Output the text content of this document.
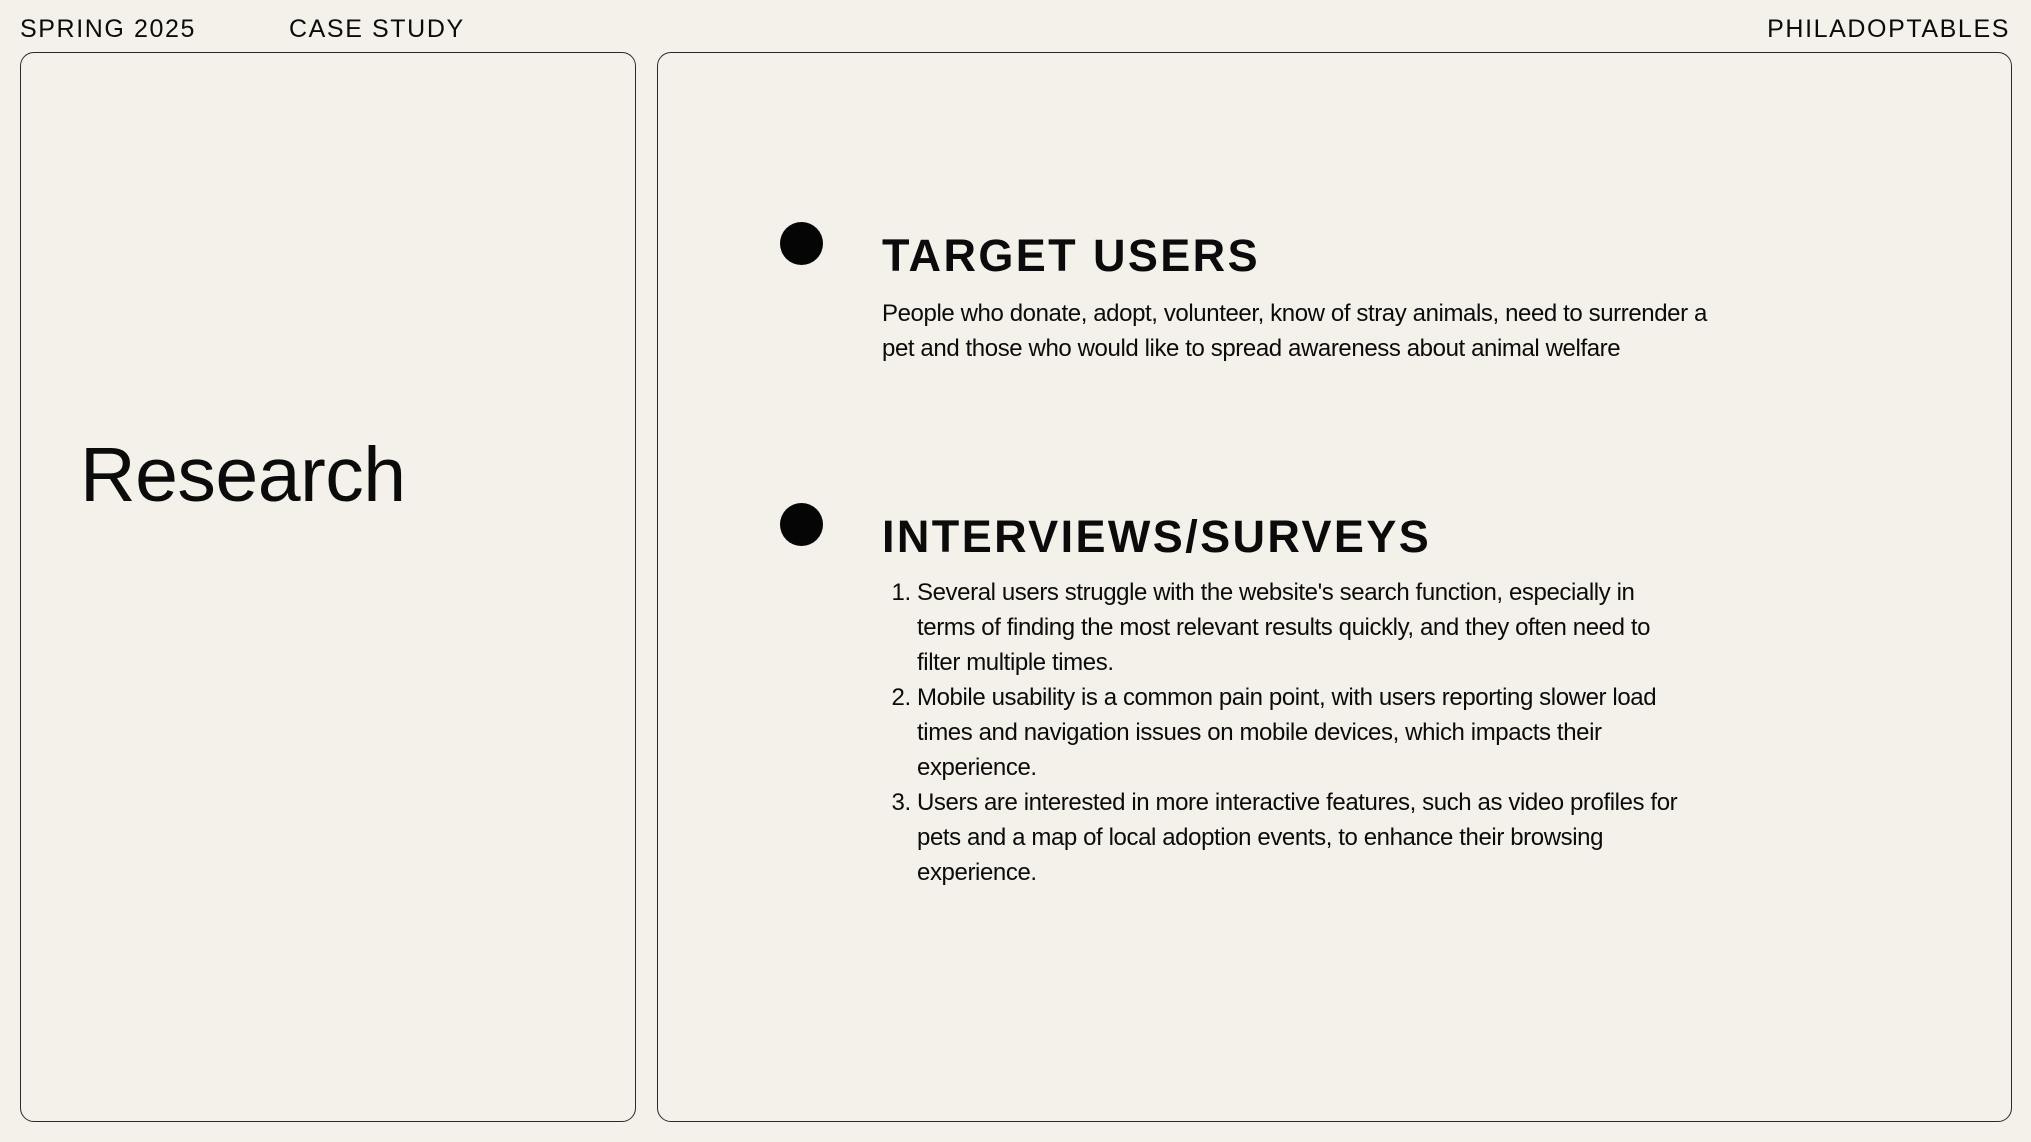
SPRING 2025	CASE STUDY	PHILADOPTABLES
Research
TARGET USERS

People who donate, adopt, volunteer, know of stray animals, need to surrender a pet and those who would like to spread awareness about animal welfare

INTERVIEWS/SURVEYS
1. Several users struggle with the website's search function, especially in terms of finding the most relevant results quickly, and they often need to filter multiple times.
2. Mobile usability is a common pain point, with users reporting slower load times and navigation issues on mobile devices, which impacts their experience.
3. Users are interested in more interactive features, such as video profiles for pets and a map of local adoption events, to enhance their browsing experience.
